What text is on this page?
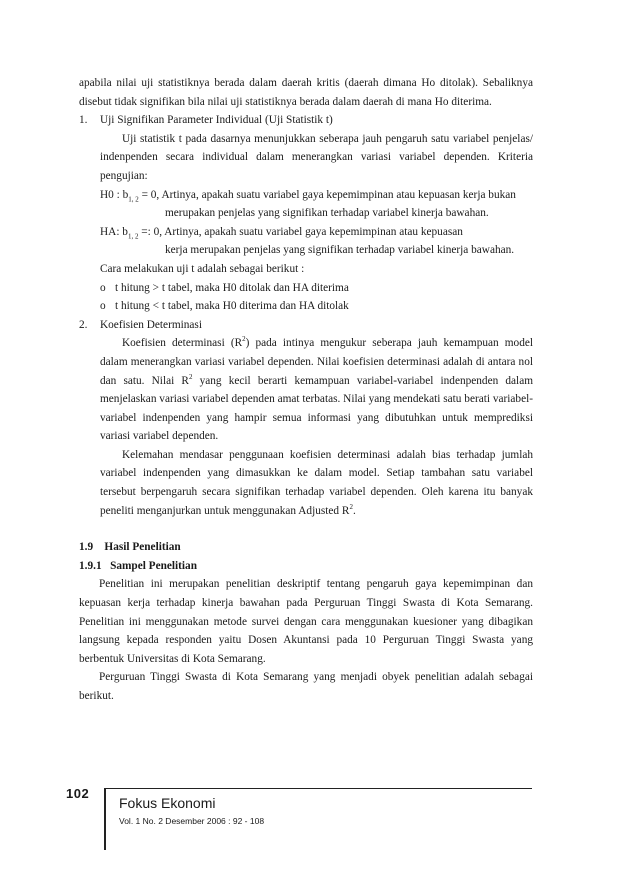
apabila nilai uji statistiknya berada dalam daerah kritis (daerah dimana Ho ditolak). Sebaliknya disebut tidak signifikan bila nilai uji statistiknya berada dalam daerah di mana Ho diterima.

1. Uji Signifikan Parameter Individual (Uji Statistik t)

Uji statistik t pada dasarnya menunjukkan seberapa jauh pengaruh satu variabel penjelas/ indenpenden secara individual dalam menerangkan variasi variabel dependen. Kriteria pengujian:

H0 : $b_{1, 2} = 0$, Artinya, apakah suatu variabel gaya kepemimpinan atau kepuasan kerja bukan
merupakan penjelas yang signifikan terhadap variabel kinerja bawahan.
HA: $b_{1, 2}$ =: 0, Artinya, apakah suatu variabel gaya kepemimpinan atau kepuasan
kerja merupakan penjelas yang signifikan terhadap variabel kinerja bawahan.
Cara melakukan uji t adalah sebagai berikut :
o t hitung > t tabel, maka H0 ditolak dan HA diterima
o t hitung < t tabel, maka H0 diterima dan HA ditolak
2. Koefisien Determinasi

Koefisien determinasi $(R^2)$ pada intinya mengukur seberapa jauh kemampuan model dalam menerangkan variasi variabel dependen. Nilai koefisien determinasi adalah di antara nol dan satu. Nilai $R^2$ yang kecil berarti kemampuan variabel-variabel indenpenden dalam menjelaskan variasi variabel dependen amat terbatas. Nilai yang mendekati satu berati variabel-variabel indenpenden yang hampir semua informasi yang dibutuhkan untuk memprediksi variasi variabel dependen.

Kelemahan mendasar penggunaan koefisien determinasi adalah bias terhadap jumlah variabel indenpenden yang dimasukkan ke dalam model. Setiap tambahan satu variabel tersebut berpengaruh secara signifikan terhadap variabel dependen. Oleh karena itu banyak peneliti menganjurkan untuk menggunakan Adjusted $R^2$.

1.9    Hasil Penelitian

1.9.1   Sampel Penelitian

Penelitian ini merupakan penelitian deskriptif tentang pengaruh gaya kepemimpinan dan kepuasan kerja terhadap kinerja bawahan pada Perguruan Tinggi Swasta di Kota Semarang. Penelitian ini menggunakan metode survei dengan cara menggunakan kuesioner yang dibagikan langsung kepada responden yaitu Dosen Akuntansi pada 10 Perguruan Tinggi Swasta yang berbentuk Universitas di Kota Semarang.

Perguruan Tinggi Swasta di Kota Semarang yang menjadi obyek penelitian adalah sebagai berikut.

102
Fokus Ekonomi
Vol. 1 No. 2 Desember 2006 : 92 - 108
